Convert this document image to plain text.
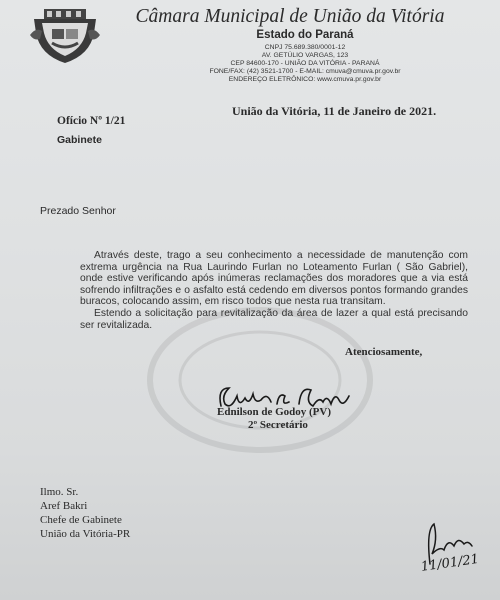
Câmara Municipal de União da Vitória
Estado do Paraná
CNPJ 75.689.380/0001-12
AV. GETÚLIO VARGAS, 123
CEP 84600-170 - UNIÃO DA VITÓRIA - PARANÁ
FONE/FAX: (42) 3521-1700 - E-MAIL: cmuva@cmuva.pr.gov.br
ENDEREÇO ELETRÔNICO: www.cmuva.pr.gov.br
União da Vitória, 11 de Janeiro de 2021.
Ofício Nº 1/21
Gabinete
Prezado Senhor
Através deste, trago a seu conhecimento a necessidade de manutenção com extrema urgência na Rua Laurindo Furlan no Loteamento Furlan ( São Gabriel), onde estive verificando após inúmeras reclamações dos moradores que a via está sofrendo infiltrações e o asfalto está cedendo em diversos pontos formando grandes buracos, colocando assim, em risco todos que nesta rua transitam.
Estendo a solicitação para revitalização da área de lazer a qual está precisando ser revitalizada.
Atenciosamente,
Ednilson de Godoy (PV)
2º Secretário
Ilmo. Sr.
Aref Bakri
Chefe de Gabinete
União da Vitória-PR
11/01/21
